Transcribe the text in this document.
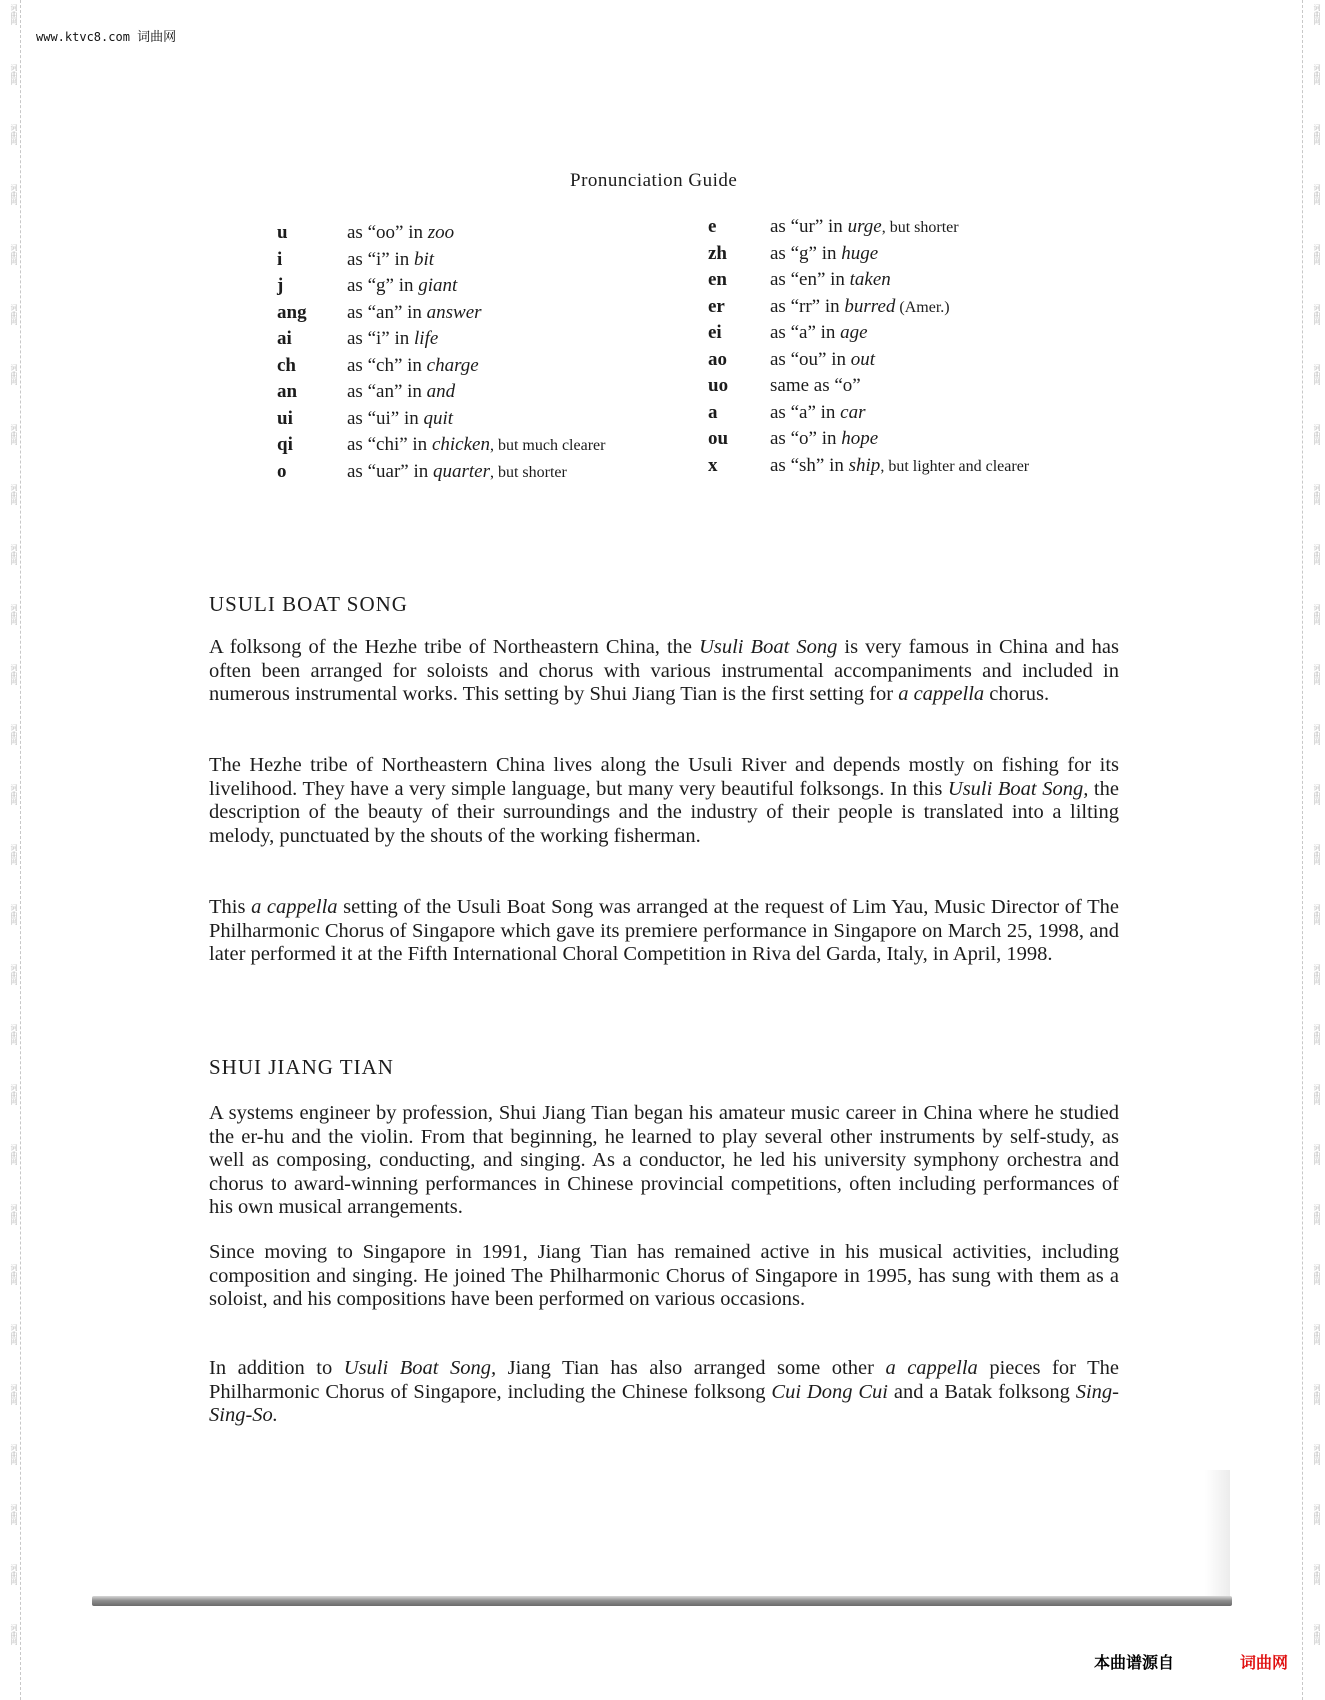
词曲网
词曲网
词曲网
词曲网
词曲网
词曲网
词曲网
词曲网
词曲网
词曲网
词曲网
词曲网
词曲网
词曲网
词曲网
词曲网
词曲网
词曲网
词曲网
词曲网
词曲网
词曲网
词曲网
词曲网
词曲网
词曲网
词曲网
词曲网
词曲网
词曲网
词曲网
词曲网
词曲网
词曲网
词曲网
词曲网
词曲网
词曲网
词曲网
词曲网
词曲网
词曲网
词曲网
词曲网
词曲网
词曲网
词曲网
词曲网
词曲网
词曲网
词曲网
词曲网
词曲网
词曲网
词曲网
词曲网
www.ktvc8.com 词曲网
Pronunciation Guide
u	as “oo” in zoo
i	as “i” in bit
j	as “g” in giant
ang as “an” in answer
ai	as “i” in life
ch	as “ch” in charge
an	as “an” in and
ui	as “ui” in quit
qi	as “chi” in chicken, but much clearer
o	as “uar” in quarter, but shorter
e	as “ur” in urge, but shorter
zh as “g” in huge
en as “en” in taken
er as “rr” in burred (Amer.)
ei	as “a” in age
ao as “ou” in out
uo same as “o”
a	as “a” in car
ou as “o” in hope
x	as “sh” in ship, but lighter and clearer
USULI BOAT SONG

A folksong of the Hezhe tribe of Northeastern China, the Usuli Boat Song is very famous in China and has often been arranged for soloists and chorus with various instrumental accompaniments and included in numerous instrumental works. This setting by Shui Jiang Tian is the first setting for a cappella chorus.

The Hezhe tribe of Northeastern China lives along the Usuli River and depends mostly on fishing for its livelihood. They have a very simple language, but many very beautiful folksongs. In this Usuli Boat Song, the description of the beauty of their surroundings and the industry of their people is translated into a lilting melody, punctuated by the shouts of the working fisherman.

This a cappella setting of the Usuli Boat Song was arranged at the request of Lim Yau, Music Director of The Philharmonic Chorus of Singapore which gave its premiere performance in Singapore on March 25, 1998, and later performed it at the Fifth International Choral Competition in Riva del Garda, Italy, in April, 1998.

SHUI JIANG TIAN

A systems engineer by profession, Shui Jiang Tian began his amateur music career in China where he studied the er-hu and the violin. From that beginning, he learned to play several other instruments by self-study, as well as composing, conducting, and singing. As a conductor, he led his university symphony orchestra and chorus to award-winning performances in Chinese provincial competitions, often including performances of his own musical arrangements.

Since moving to Singapore in 1991, Jiang Tian has remained active in his musical activities, including composition and singing. He joined The Philharmonic Chorus of Singapore in 1995, has sung with them as a soloist, and his compositions have been performed on various occasions.

In addition to Usuli Boat Song, Jiang Tian has also arranged some other a cappella pieces for The Philharmonic Chorus of Singapore, including the Chinese folksong Cui Dong Cui and a Batak folksong Sing-Sing-So.

本曲谱源自	词曲网
